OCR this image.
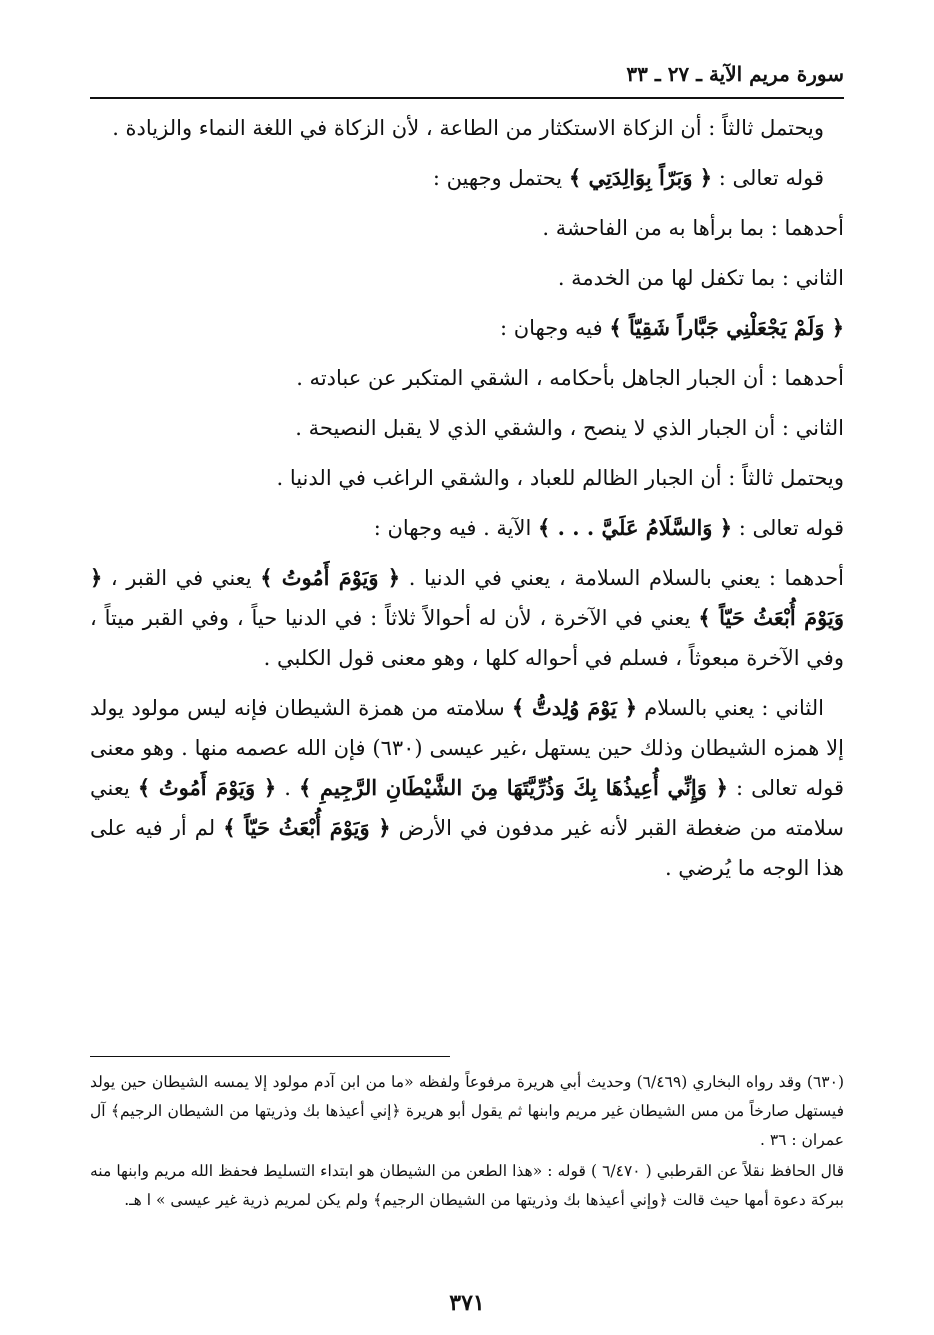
سورة مريم الآية ـ ٢٧ ـ ٣٣

ويحتمل ثالثاً : أن الزكاة الاستكثار من الطاعة ، لأن الزكاة في اللغة النماء والزيادة .

قوله تعالى : ﴿ وَبَرّاً بِوَالِدَتِي ﴾ يحتمل وجهين :

أحدهما : بما برأها به من الفاحشة .

الثاني : بما تكفل لها من الخدمة .

﴿ وَلَمْ يَجْعَلْنِي جَبَّاراً شَقِيّاً ﴾ فيه وجهان :

أحدهما : أن الجبار الجاهل بأحكامه ، الشقي المتكبر عن عبادته .

الثاني : أن الجبار الذي لا ينصح ، والشقي الذي لا يقبل النصيحة .

ويحتمل ثالثاً : أن الجبار الظالم للعباد ، والشقي الراغب في الدنيا .

قوله تعالى : ﴿ وَالسَّلَامُ عَلَيَّ . . . ﴾ الآية . فيه وجهان :

أحدهما : يعني بالسلام السلامة ، يعني في الدنيا . ﴿ وَيَوْمَ أَمُوتُ ﴾ يعني في القبر ، ﴿ وَيَوْمَ أُبْعَثُ حَيّاً ﴾ يعني في الآخرة ، لأن له أحوالاً ثلاثاً : في الدنيا حياً ، وفي القبر ميتاً ، وفي الآخرة مبعوثاً ، فسلم في أحواله كلها ، وهو معنى قول الكلبي .

الثاني : يعني بالسلام ﴿ يَوْمَ وُلِدتُّ ﴾ سلامته من همزة الشيطان فإنه ليس مولود يولد إلا همزه الشيطان وذلك حين يستهل ،غير عيسى (٦٣٠) فإن الله عصمه منها . وهو معنى قوله تعالى : ﴿ وَإِنِّي أُعِيذُهَا بِكَ وَذُرِّيَّتَهَا مِنَ الشَّيْطَانِ الرَّجِيمِ ﴾ . ﴿ وَيَوْمَ أَمُوتُ ﴾ يعني سلامته من ضغطة القبر لأنه غير مدفون في الأرض ﴿ وَيَوْمَ أُبْعَثُ حَيّاً ﴾ لم أر فيه على هذا الوجه ما يُرضي .

(٦٣٠) وقد رواه البخاري (٦/٤٦٩) وحديث أبي هريرة مرفوعاً ولفظه «ما من ابن آدم مولود إلا يمسه الشيطان حين يولد فيستهل صارخاً من مس الشيطان غير مريم وابنها ثم يقول أبو هريرة ﴿إني أعيذها بك وذريتها من الشيطان الرجيم﴾ آل عمران : ٣٦ .

قال الحافظ نقلاً عن القرطبي ( ٦/٤٧٠ ) قوله : «هذا الطعن من الشيطان هو ابتداء التسليط فحفظ الله مريم وابنها منه ببركة دعوة أمها حيث قالت ﴿وإني أعيذها بك وذريتها من الشيطان الرجيم﴾ ولم يكن لمريم ذرية غير عيسى » ا هـ.

٣٧١
